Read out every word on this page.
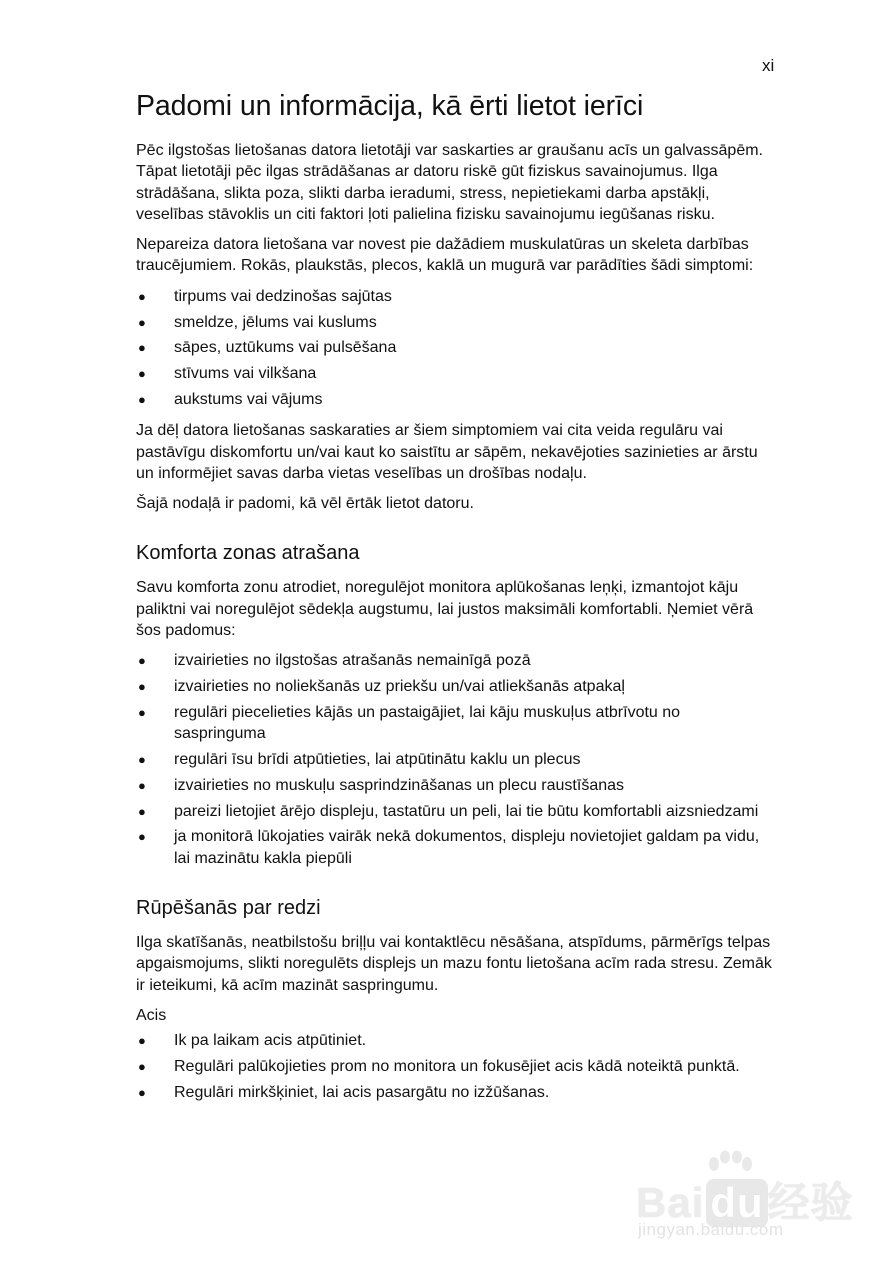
xi
Padomi un informācija, kā ērti lietot ierīci

Pēc ilgstošas lietošanas datora lietotāji var saskarties ar graušanu acīs un galvassāpēm. Tāpat lietotāji pēc ilgas strādāšanas ar datoru riskē gūt fiziskus savainojumus. Ilga strādāšana, slikta poza, slikti darba ieradumi, stress, nepietiekami darba apstākļi, veselības stāvoklis un citi faktori ļoti palielina fizisku savainojumu iegūšanas risku.

Nepareiza datora lietošana var novest pie dažādiem muskulatūras un skeleta darbības traucējumiem. Rokās, plaukstās, plecos, kaklā un mugurā var parādīties šādi simptomi:

● tirpums vai dedzinošas sajūtas
● smeldze, jēlums vai kuslums
● sāpes, uztūkums vai pulsēšana
● stīvums vai vilkšana
● aukstums vai vājums

Ja dēļ datora lietošanas saskaraties ar šiem simptomiem vai cita veida regulāru vai pastāvīgu diskomfortu un/vai kaut ko saistītu ar sāpēm, nekavējoties sazinieties ar ārstu un informējiet savas darba vietas veselības un drošības nodaļu.

Šajā nodaļā ir padomi, kā vēl ērtāk lietot datoru.

Komforta zonas atrašana

Savu komforta zonu atrodiet, noregulējot monitora aplūkošanas leņķi, izmantojot kāju paliktni vai noregulējot sēdekļa augstumu, lai justos maksimāli komfortabli. Ņemiet vērā šos padomus:

● izvairieties no ilgstošas atrašanās nemainīgā pozā
● izvairieties no noliekšanās uz priekšu un/vai atliekšanās atpakaļ
● regulāri piecelieties kājās un pastaigājiet, lai kāju muskuļus atbrīvotu no saspringuma
● regulāri īsu brīdi atpūtieties, lai atpūtinātu kaklu un plecus
● izvairieties no muskuļu sasprindzināšanas un plecu raustīšanas
● pareizi lietojiet ārējo displeju, tastatūru un peli, lai tie būtu komfortabli aizsniedzami
● ja monitorā lūkojaties vairāk nekā dokumentos, displeju novietojiet galdam pa vidu, lai mazinātu kakla piepūli
Rūpēšanās par redzi

Ilga skatīšanās, neatbilstošu briļļu vai kontaktlēcu nēsāšana, atspīdums, pārmērīgs telpas apgaismojums, slikti noregulēts displejs un mazu fontu lietošana acīm rada stresu. Zemāk ir ieteikumi, kā acīm mazināt saspringumu.

Acis

● Ik pa laikam acis atpūtiniet.
● Regulāri palūkojieties prom no monitora un fokusējiet acis kādā noteiktā punktā.
● Regulāri mirkšķiniet, lai acis pasargātu no izžūšanas.
Bai du经验
jingyan.baidu.com
